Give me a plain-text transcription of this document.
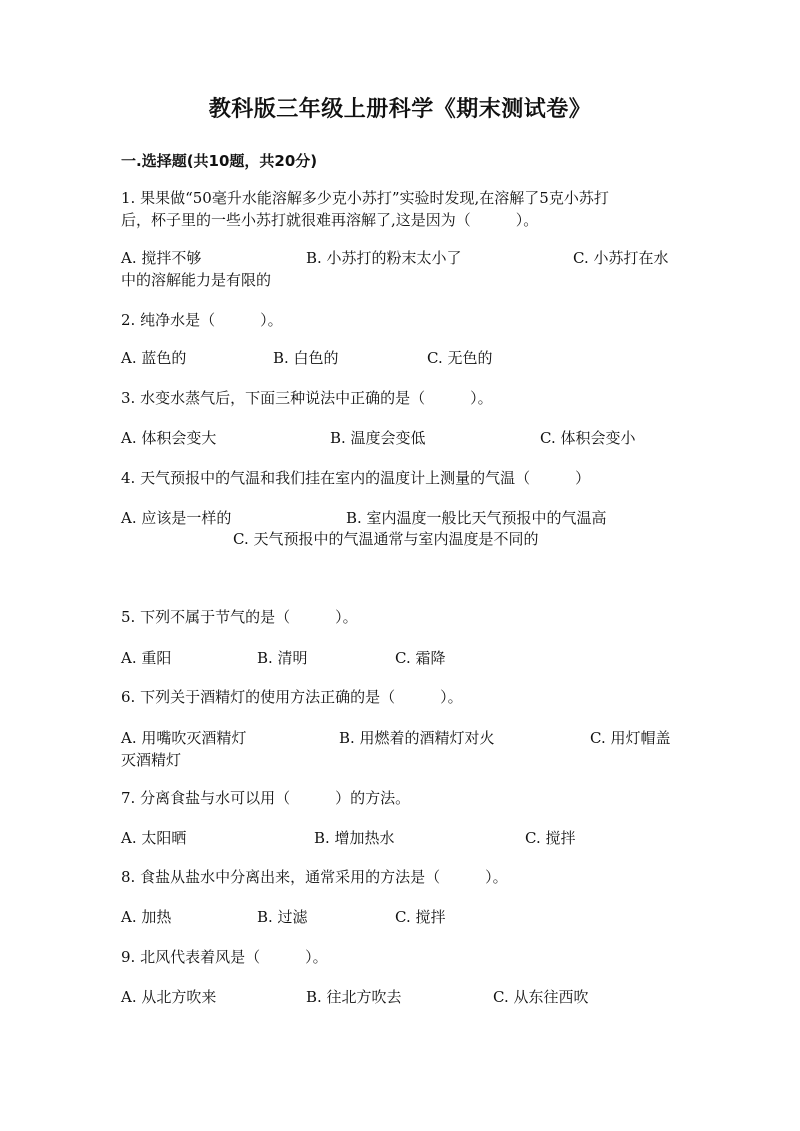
教科版三年级上册科学《期末测试卷》
一.选择题(共10题，共20分)
1. 果果做“50毫升水能溶解多少克小苏打”实验时发现,在溶解了5克小苏打
后，杯子里的一些小苏打就很难再溶解了,这是因为（　　　）。
A. 搅拌不够	B. 小苏打的粉末太小了	C. 小苏打在水
中的溶解能力是有限的
2. 纯净水是（　　　）。
A. 蓝色的	B. 白色的	C. 无色的
3. 水变水蒸气后，下面三种说法中正确的是（　　　）。
A. 体积会变大	B. 温度会变低	C. 体积会变小
4. 天气预报中的气温和我们挂在室内的温度计上测量的气温（　　　）
A. 应该是一样的	B. 室内温度一般比天气预报中的气温高
C. 天气预报中的气温通常与室内温度是不同的
5. 下列不属于节气的是（　　　）。
A. 重阳	B. 清明	C. 霜降
6. 下列关于酒精灯的使用方法正确的是（　　　）。
A. 用嘴吹灭酒精灯	B. 用燃着的酒精灯对火	C. 用灯帽盖
灭酒精灯
7. 分离食盐与水可以用（　　　）的方法。
A. 太阳晒	B. 增加热水	C. 搅拌
8. 食盐从盐水中分离出来，通常采用的方法是（　　　）。
A. 加热	B. 过滤	C. 搅拌
9. 北风代表着风是（　　　）。
A. 从北方吹来	B. 往北方吹去	C. 从东往西吹
